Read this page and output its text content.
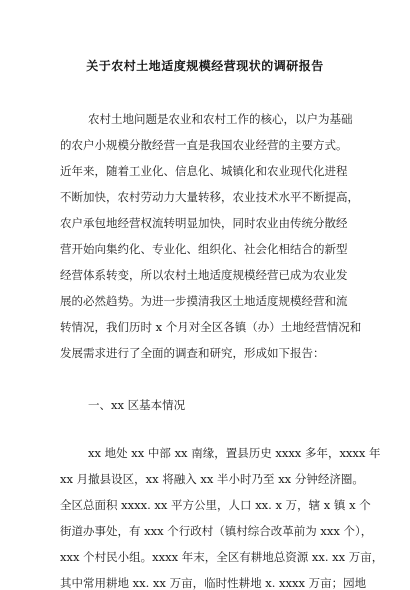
关于农村土地适度规模经营现状的调研报告
农村土地问题是农业和农村工作的核心，以户为基础
的农户小规模分散经营一直是我国农业经营的主要方式。
近年来，随着工业化、信息化、城镇化和农业现代化进程
不断加快，农村劳动力大量转移，农业技术水平不断提高，
农户承包地经营权流转明显加快，同时农业由传统分散经
营开始向集约化、专业化、组织化、社会化相结合的新型
经营体系转变，所以农村土地适度规模经营已成为农业发
展的必然趋势。为进一步摸清我区土地适度规模经营和流
转情况，我们历时 x 个月对全区各镇（办）土地经营情况和
发展需求进行了全面的调查和研究，形成如下报告：
一、xx 区基本情况
xx 地处 xx 中部 xx 南缘，置县历史 xxxx 多年，xxxx 年
xx 月撤县设区，xx 将融入 xx 半小时乃至 xx 分钟经济圈。
全区总面积 xxxx. xx 平方公里，人口 xx. x 万，辖 x 镇 x 个
街道办事处，有 xxx 个行政村（镇村综合改革前为 xxx 个），
xxx 个村民小组。xxxx 年末，全区有耕地总资源 xx. xx 万亩，
其中常用耕地 xx. xx 万亩，临时性耕地 x. xxxx 万亩；园地
